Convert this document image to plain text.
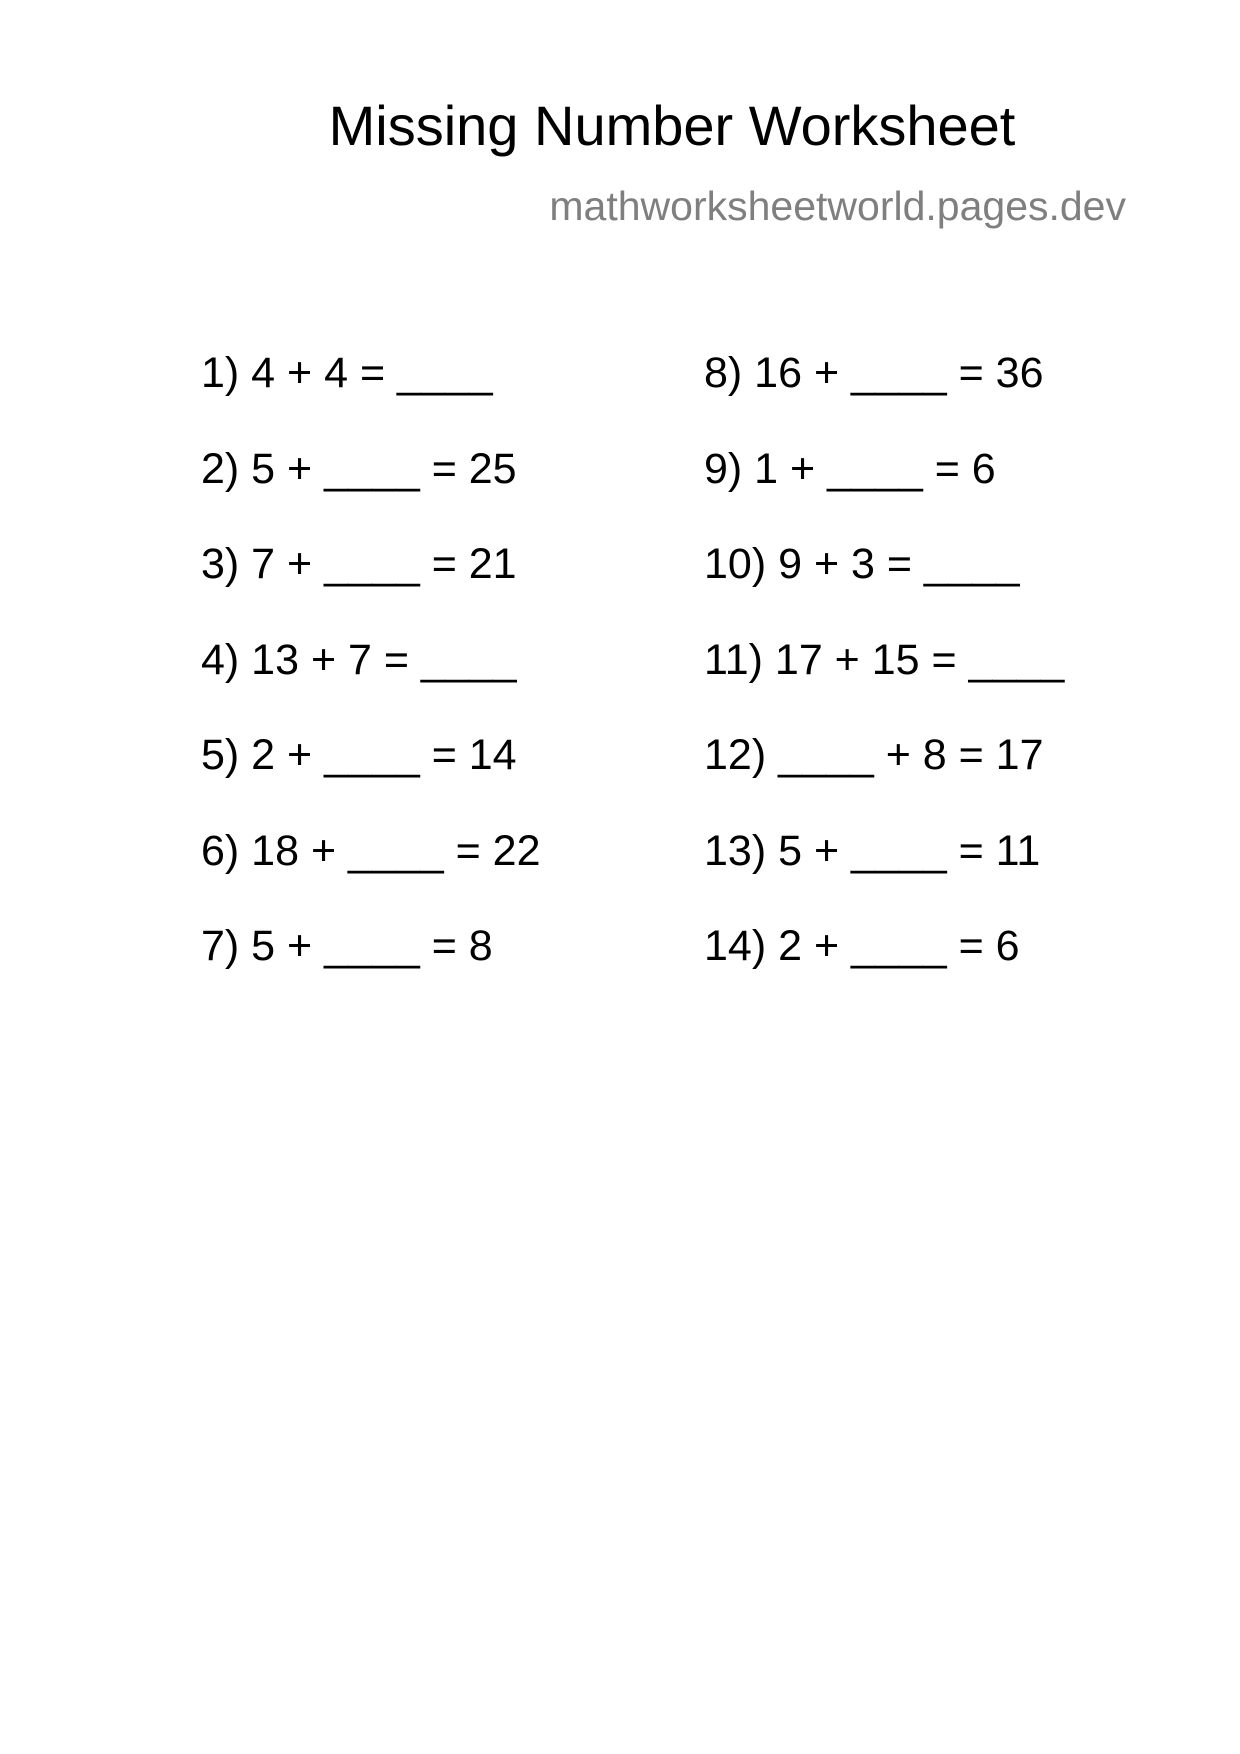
Missing Number Worksheet
mathworksheetworld.pages.dev
1) 4 + 4 = ____
2) 5 + ____ = 25
3) 7 + ____ = 21
4) 13 + 7 = ____
5) 2 + ____ = 14
6) 18 + ____ = 22
7) 5 + ____ = 8
8) 16 + ____ = 36
9) 1 + ____ = 6
10) 9 + 3 = ____
11) 17 + 15 = ____
12) ____ + 8 = 17
13) 5 + ____ = 11
14) 2 + ____ = 6
